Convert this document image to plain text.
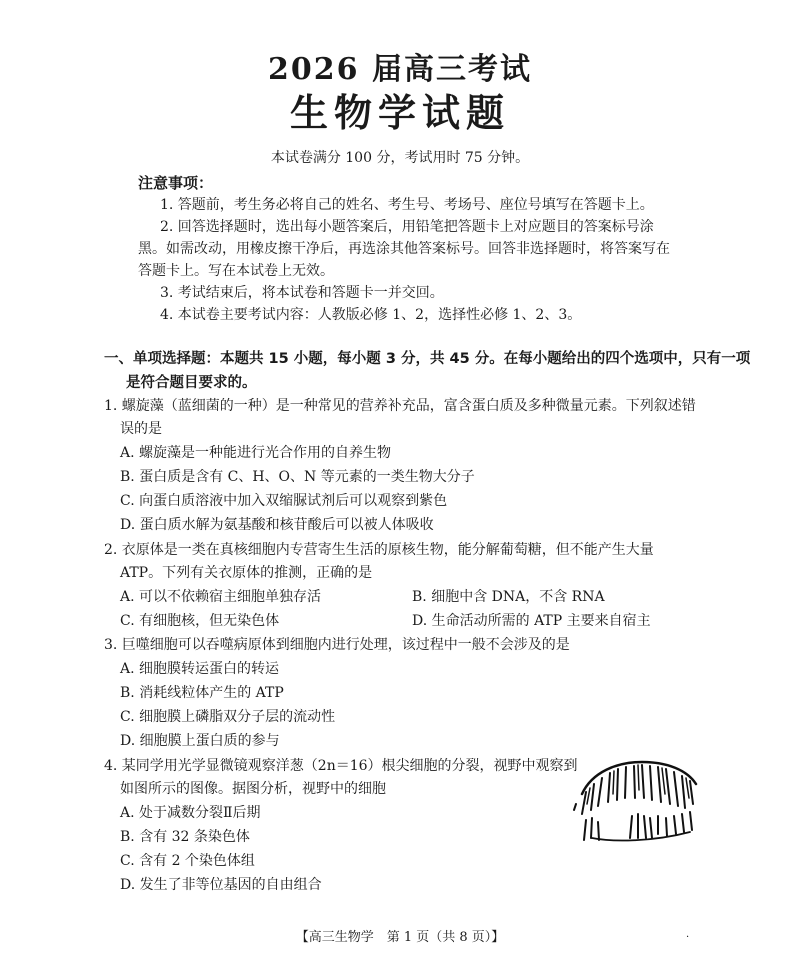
2026 届高三考试
生物学试题
本试卷满分 100 分，考试用时 75 分钟。
注意事项：
1. 答题前，考生务必将自己的姓名、考生号、考场号、座位号填写在答题卡上。
2. 回答选择题时，选出每小题答案后，用铅笔把答题卡上对应题目的答案标号涂
黑。如需改动，用橡皮擦干净后，再选涂其他答案标号。回答非选择题时，将答案写在
答题卡上。写在本试卷上无效。
3. 考试结束后，将本试卷和答题卡一并交回。
4. 本试卷主要考试内容：人教版必修 1、2，选择性必修 1、2、3。
一、单项选择题：本题共 15 小题，每小题 3 分，共 45 分。在每小题给出的四个选项中，只有一项
是符合题目要求的。
1. 螺旋藻（蓝细菌的一种）是一种常见的营养补充品，富含蛋白质及多种微量元素。下列叙述错
误的是
A. 螺旋藻是一种能进行光合作用的自养生物
B. 蛋白质是含有 C、H、O、N 等元素的一类生物大分子
C. 向蛋白质溶液中加入双缩脲试剂后可以观察到紫色
D. 蛋白质水解为氨基酸和核苷酸后可以被人体吸收
2. 衣原体是一类在真核细胞内专营寄生生活的原核生物，能分解葡萄糖，但不能产生大量
ATP。下列有关衣原体的推测，正确的是
A. 可以不依赖宿主细胞单独存活	B. 细胞中含 DNA，不含 RNA
C. 有细胞核，但无染色体	D. 生命活动所需的 ATP 主要来自宿主
3. 巨噬细胞可以吞噬病原体到细胞内进行处理，该过程中一般不会涉及的是
A. 细胞膜转运蛋白的转运
B. 消耗线粒体产生的 ATP
C. 细胞膜上磷脂双分子层的流动性
D. 细胞膜上蛋白质的参与
4. 某同学用光学显微镜观察洋葱（2n＝16）根尖细胞的分裂，视野中观察到
如图所示的图像。据图分析，视野中的细胞
A. 处于减数分裂Ⅱ后期
B. 含有 32 条染色体
C. 含有 2 个染色体组
D. 发生了非等位基因的自由组合
【高三生物学　第 1 页（共 8 页）】	·
